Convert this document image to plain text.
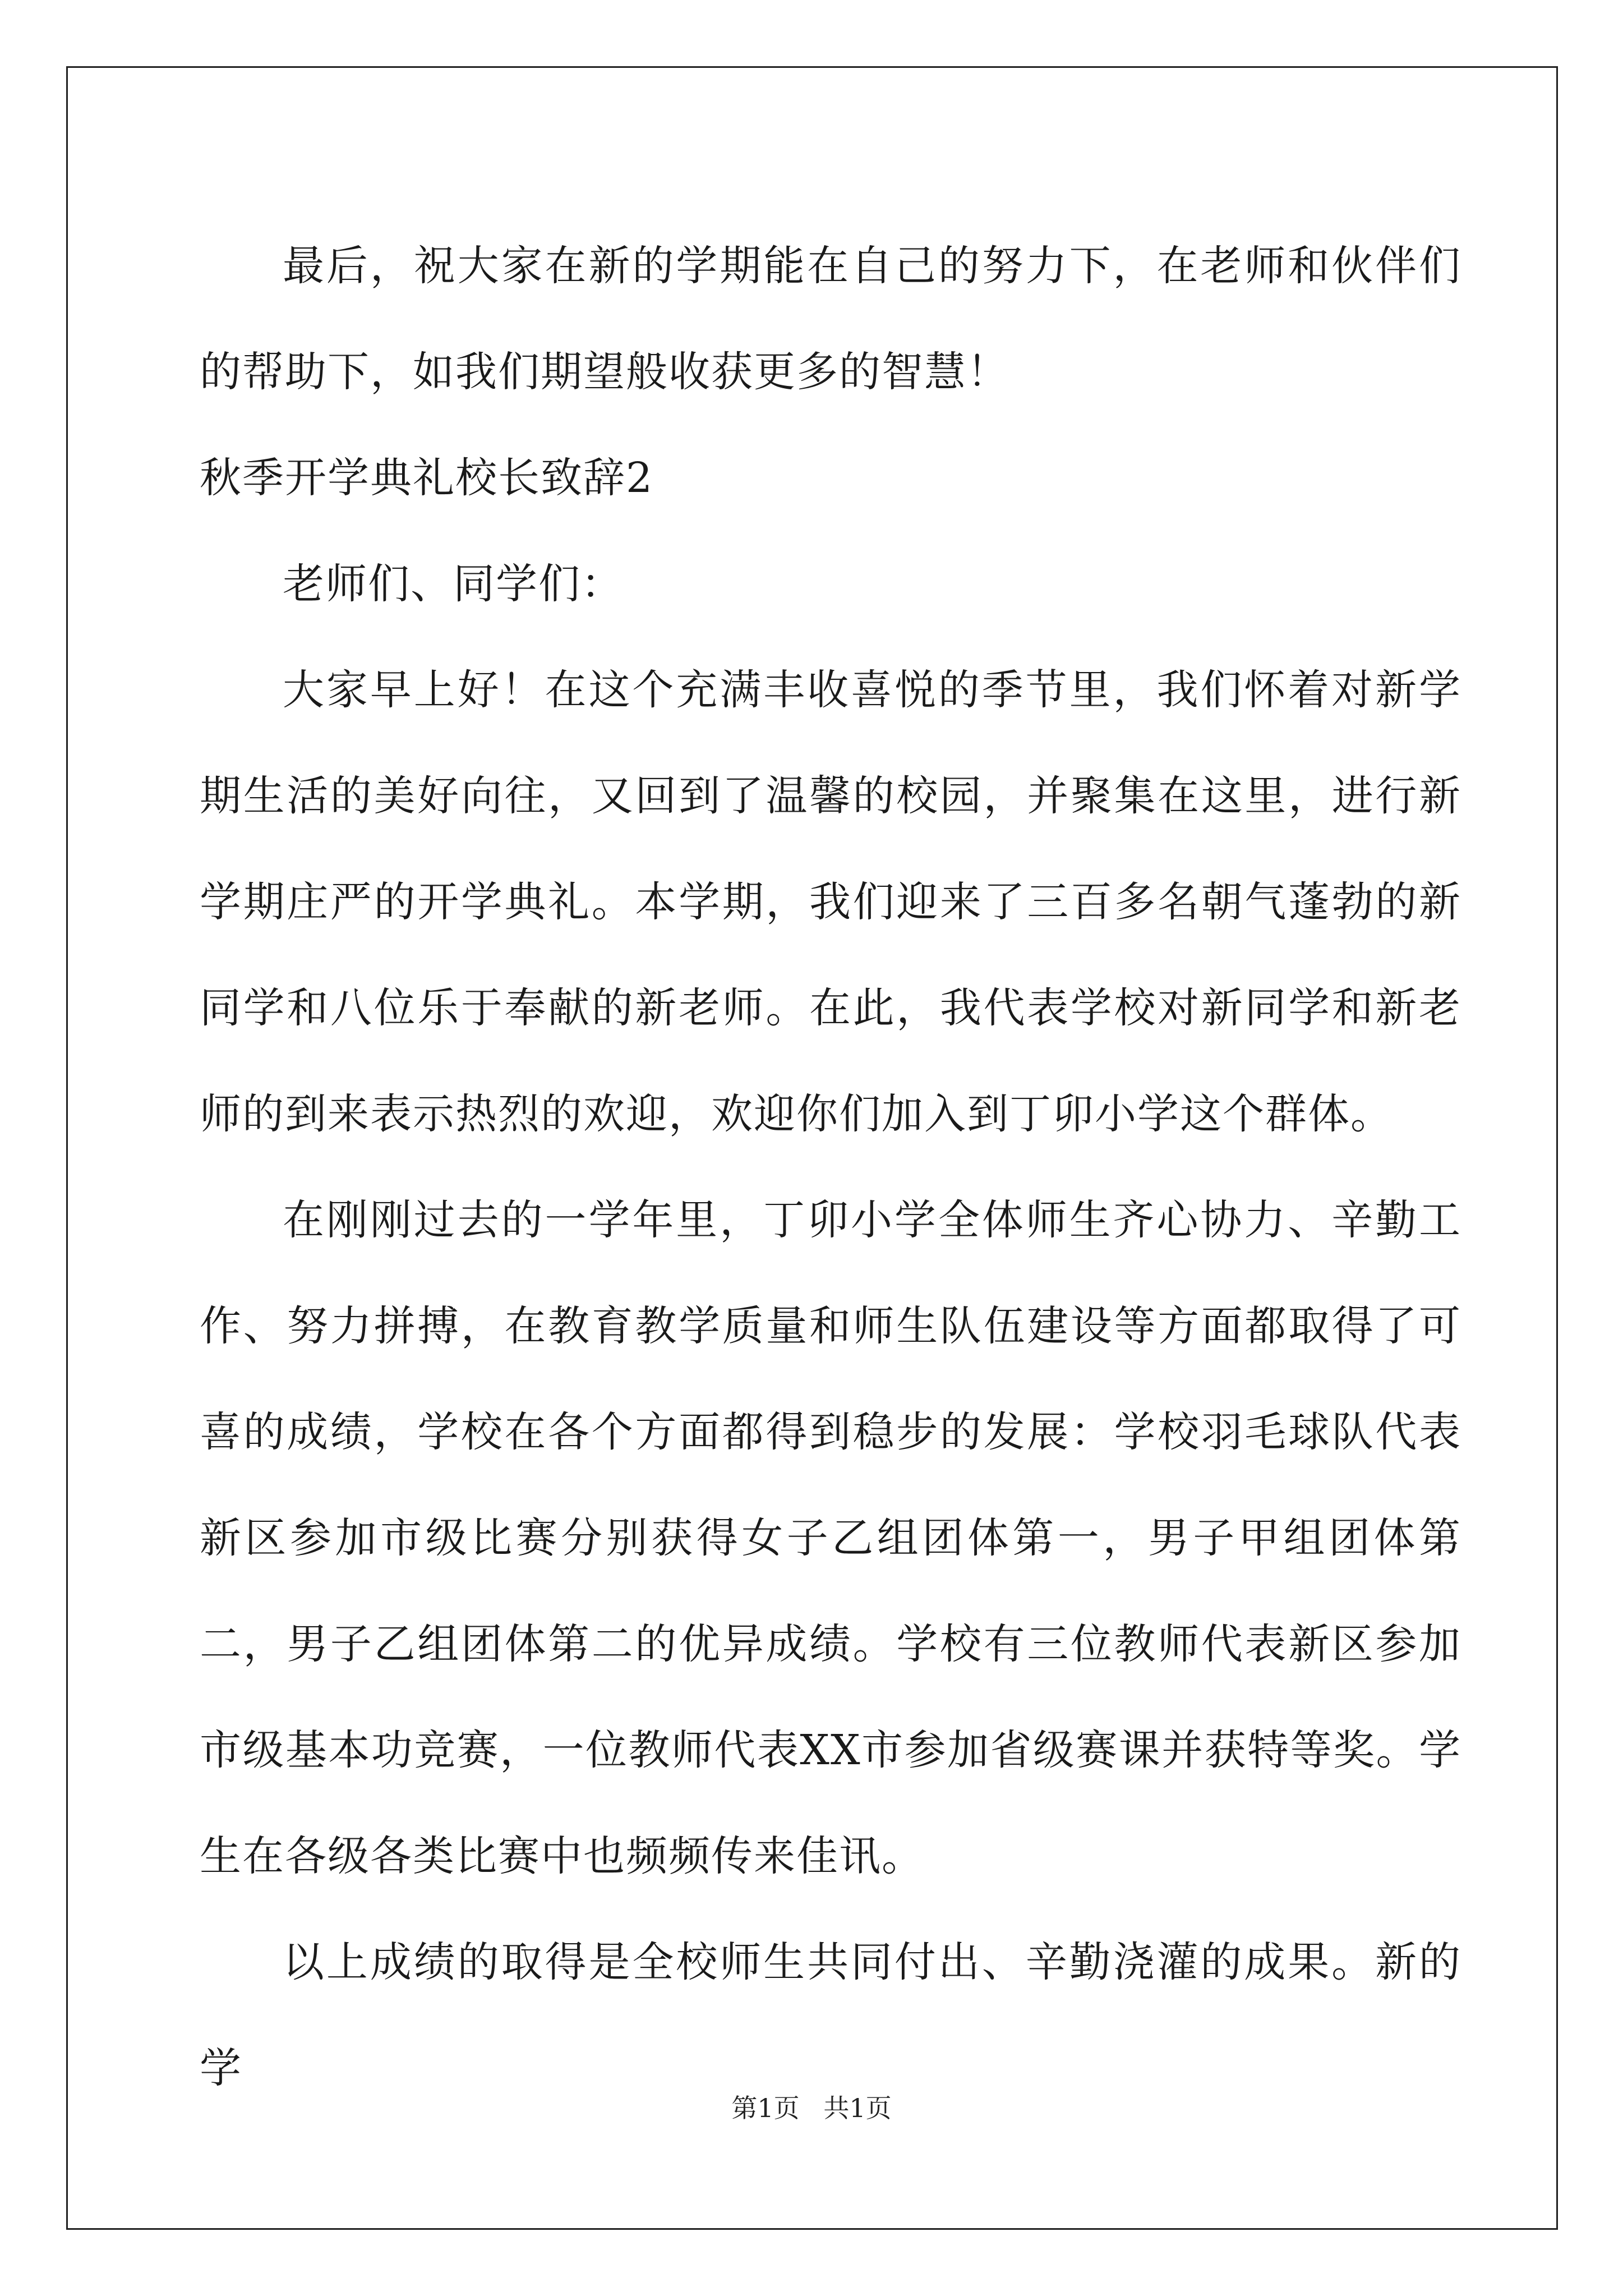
最后，祝大家在新的学期能在自己的努力下，在老师和伙伴们的帮助下，如我们期望般收获更多的智慧！

秋季开学典礼校长致辞2

老师们、同学们：

大家早上好！在这个充满丰收喜悦的季节里，我们怀着对新学期生活的美好向往，又回到了温馨的校园，并聚集在这里，进行新学期庄严的开学典礼。本学期，我们迎来了三百多名朝气蓬勃的新同学和八位乐于奉献的新老师。在此，我代表学校对新同学和新老师的到来表示热烈的欢迎，欢迎你们加入到丁卯小学这个群体。

在刚刚过去的一学年里，丁卯小学全体师生齐心协力、辛勤工作、努力拼搏，在教育教学质量和师生队伍建设等方面都取得了可喜的成绩，学校在各个方面都得到稳步的发展：学校羽毛球队代表新区参加市级比赛分别获得女子乙组团体第一，男子甲组团体第二，男子乙组团体第二的优异成绩。学校有三位教师代表新区参加市级基本功竞赛，一位教师代表XX市参加省级赛课并获特等奖。学生在各级各类比赛中也频频传来佳讯。

以上成绩的取得是全校师生共同付出、辛勤浇灌的成果。新的学

第1页 共1页
